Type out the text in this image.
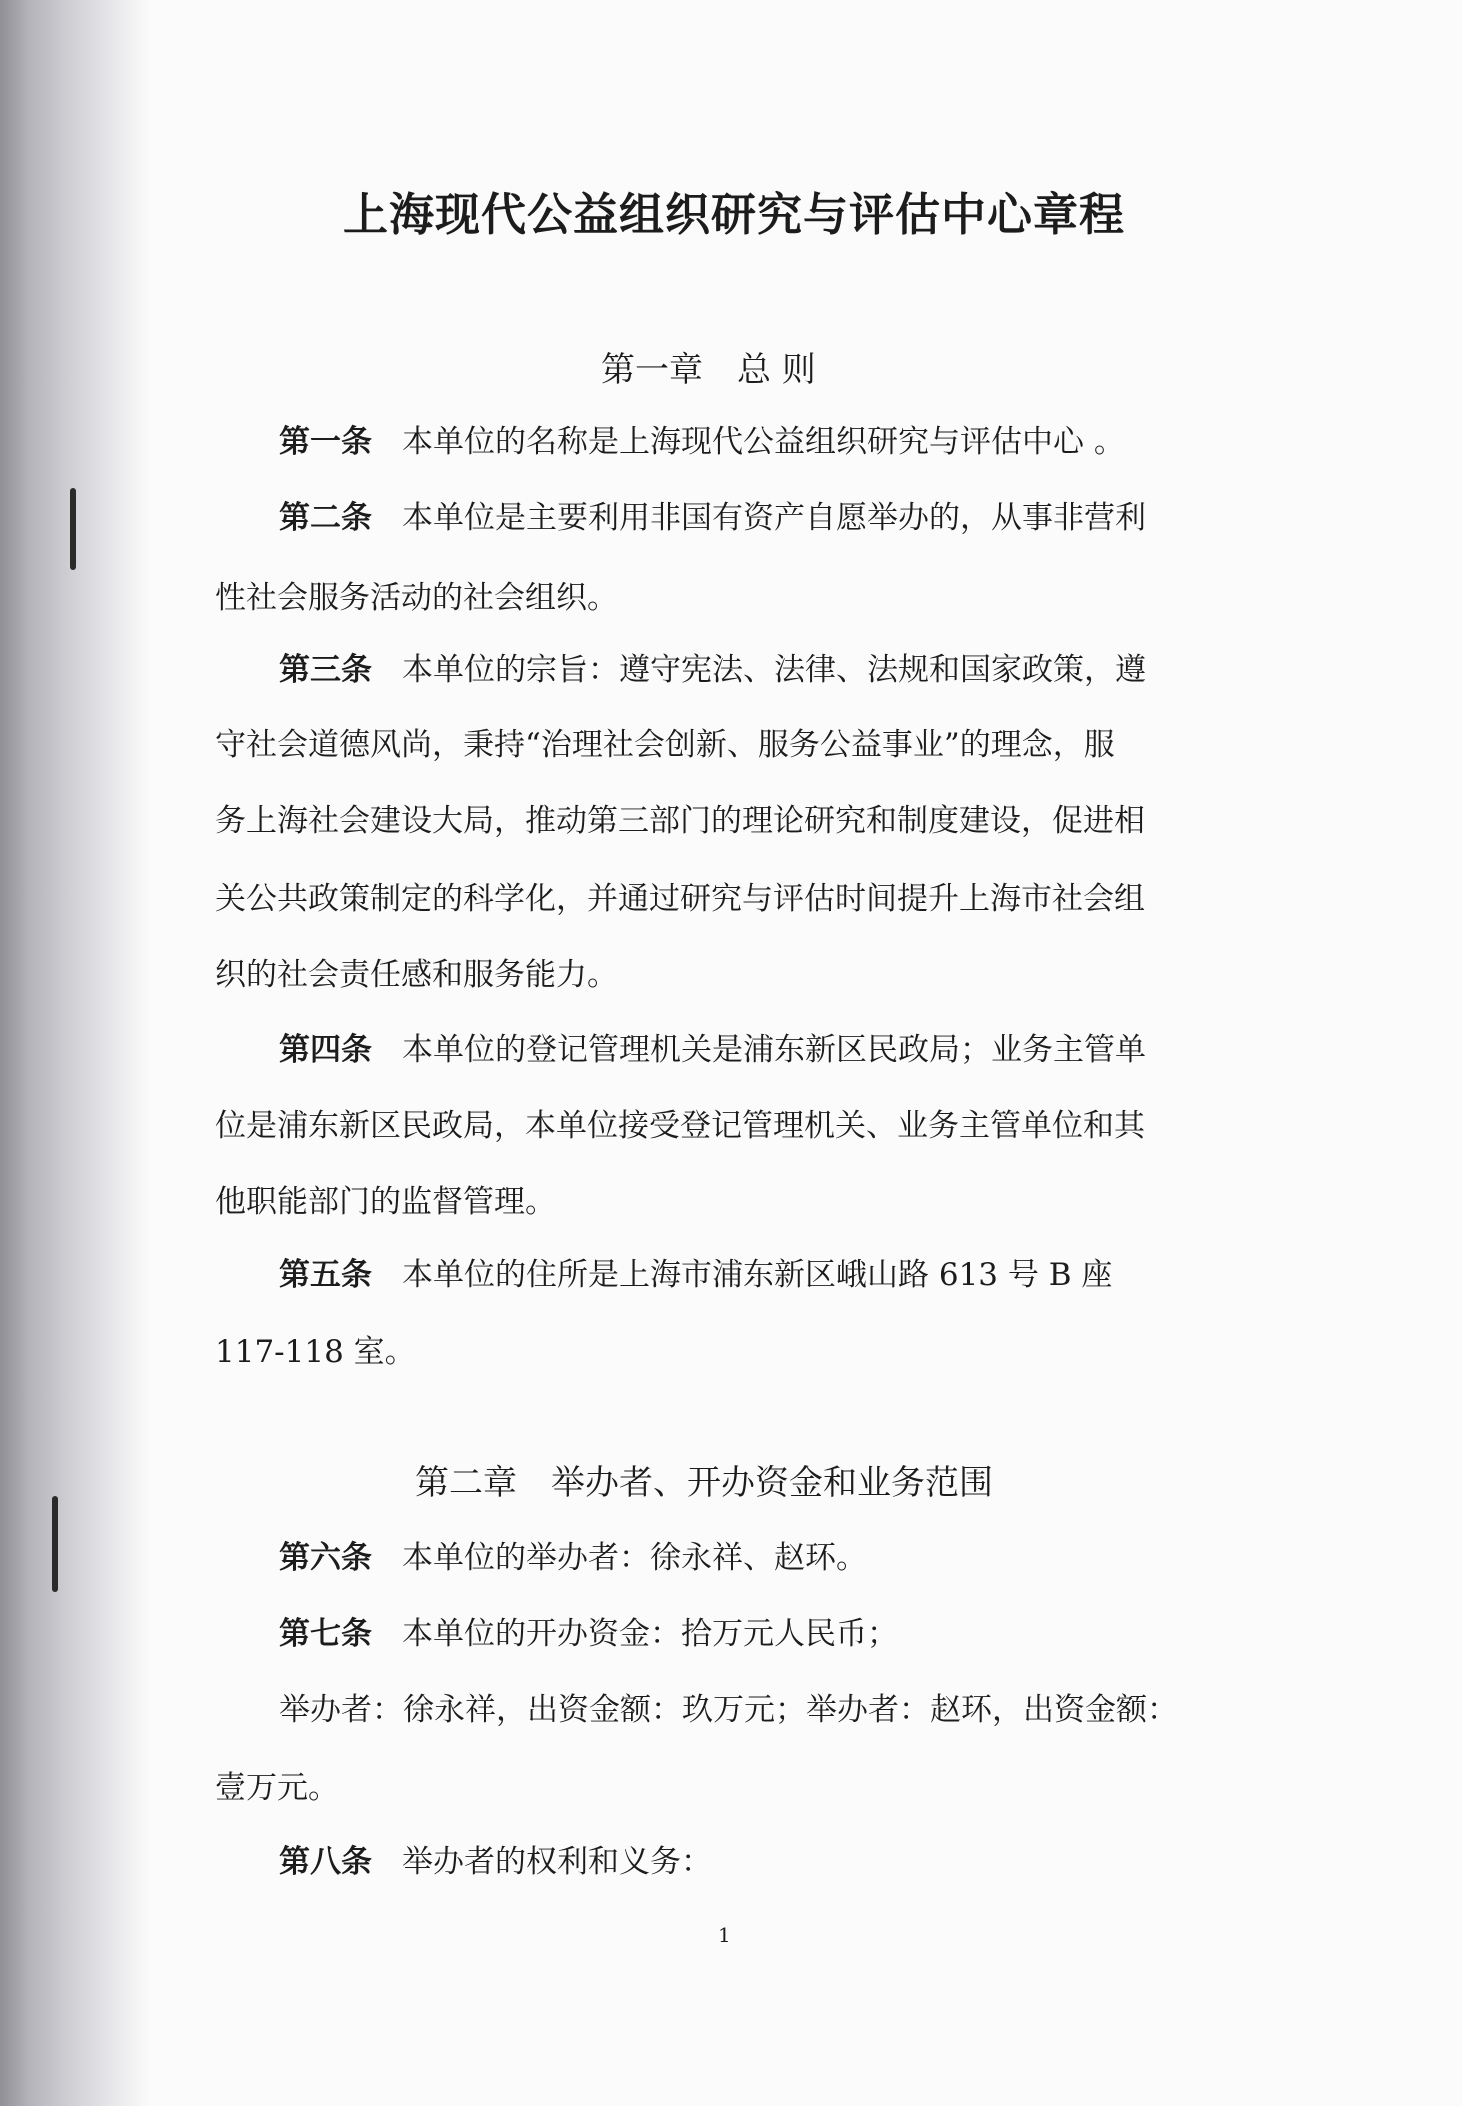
上海现代公益组织研究与评估中心章程
第一章　总 则
第一条 本单位的名称是上海现代公益组织研究与评估中心 。
第二条 本单位是主要利用非国有资产自愿举办的，从事非营利
性社会服务活动的社会组织。
第三条 本单位的宗旨：遵守宪法、法律、法规和国家政策，遵
守社会道德风尚，秉持“治理社会创新、服务公益事业”的理念，服
务上海社会建设大局，推动第三部门的理论研究和制度建设，促进相
关公共政策制定的科学化，并通过研究与评估时间提升上海市社会组
织的社会责任感和服务能力。
第四条 本单位的登记管理机关是浦东新区民政局；业务主管单
位是浦东新区民政局，本单位接受登记管理机关、业务主管单位和其
他职能部门的监督管理。
第五条 本单位的住所是上海市浦东新区峨山路 613 号 B 座
117-118 室。
第二章　举办者、开办资金和业务范围
第六条 本单位的举办者：徐永祥、赵环。
第七条 本单位的开办资金：拾万元人民币；
举办者：徐永祥，出资金额：玖万元；举办者：赵环，出资金额：
壹万元。
第八条 举办者的权利和义务：
1
